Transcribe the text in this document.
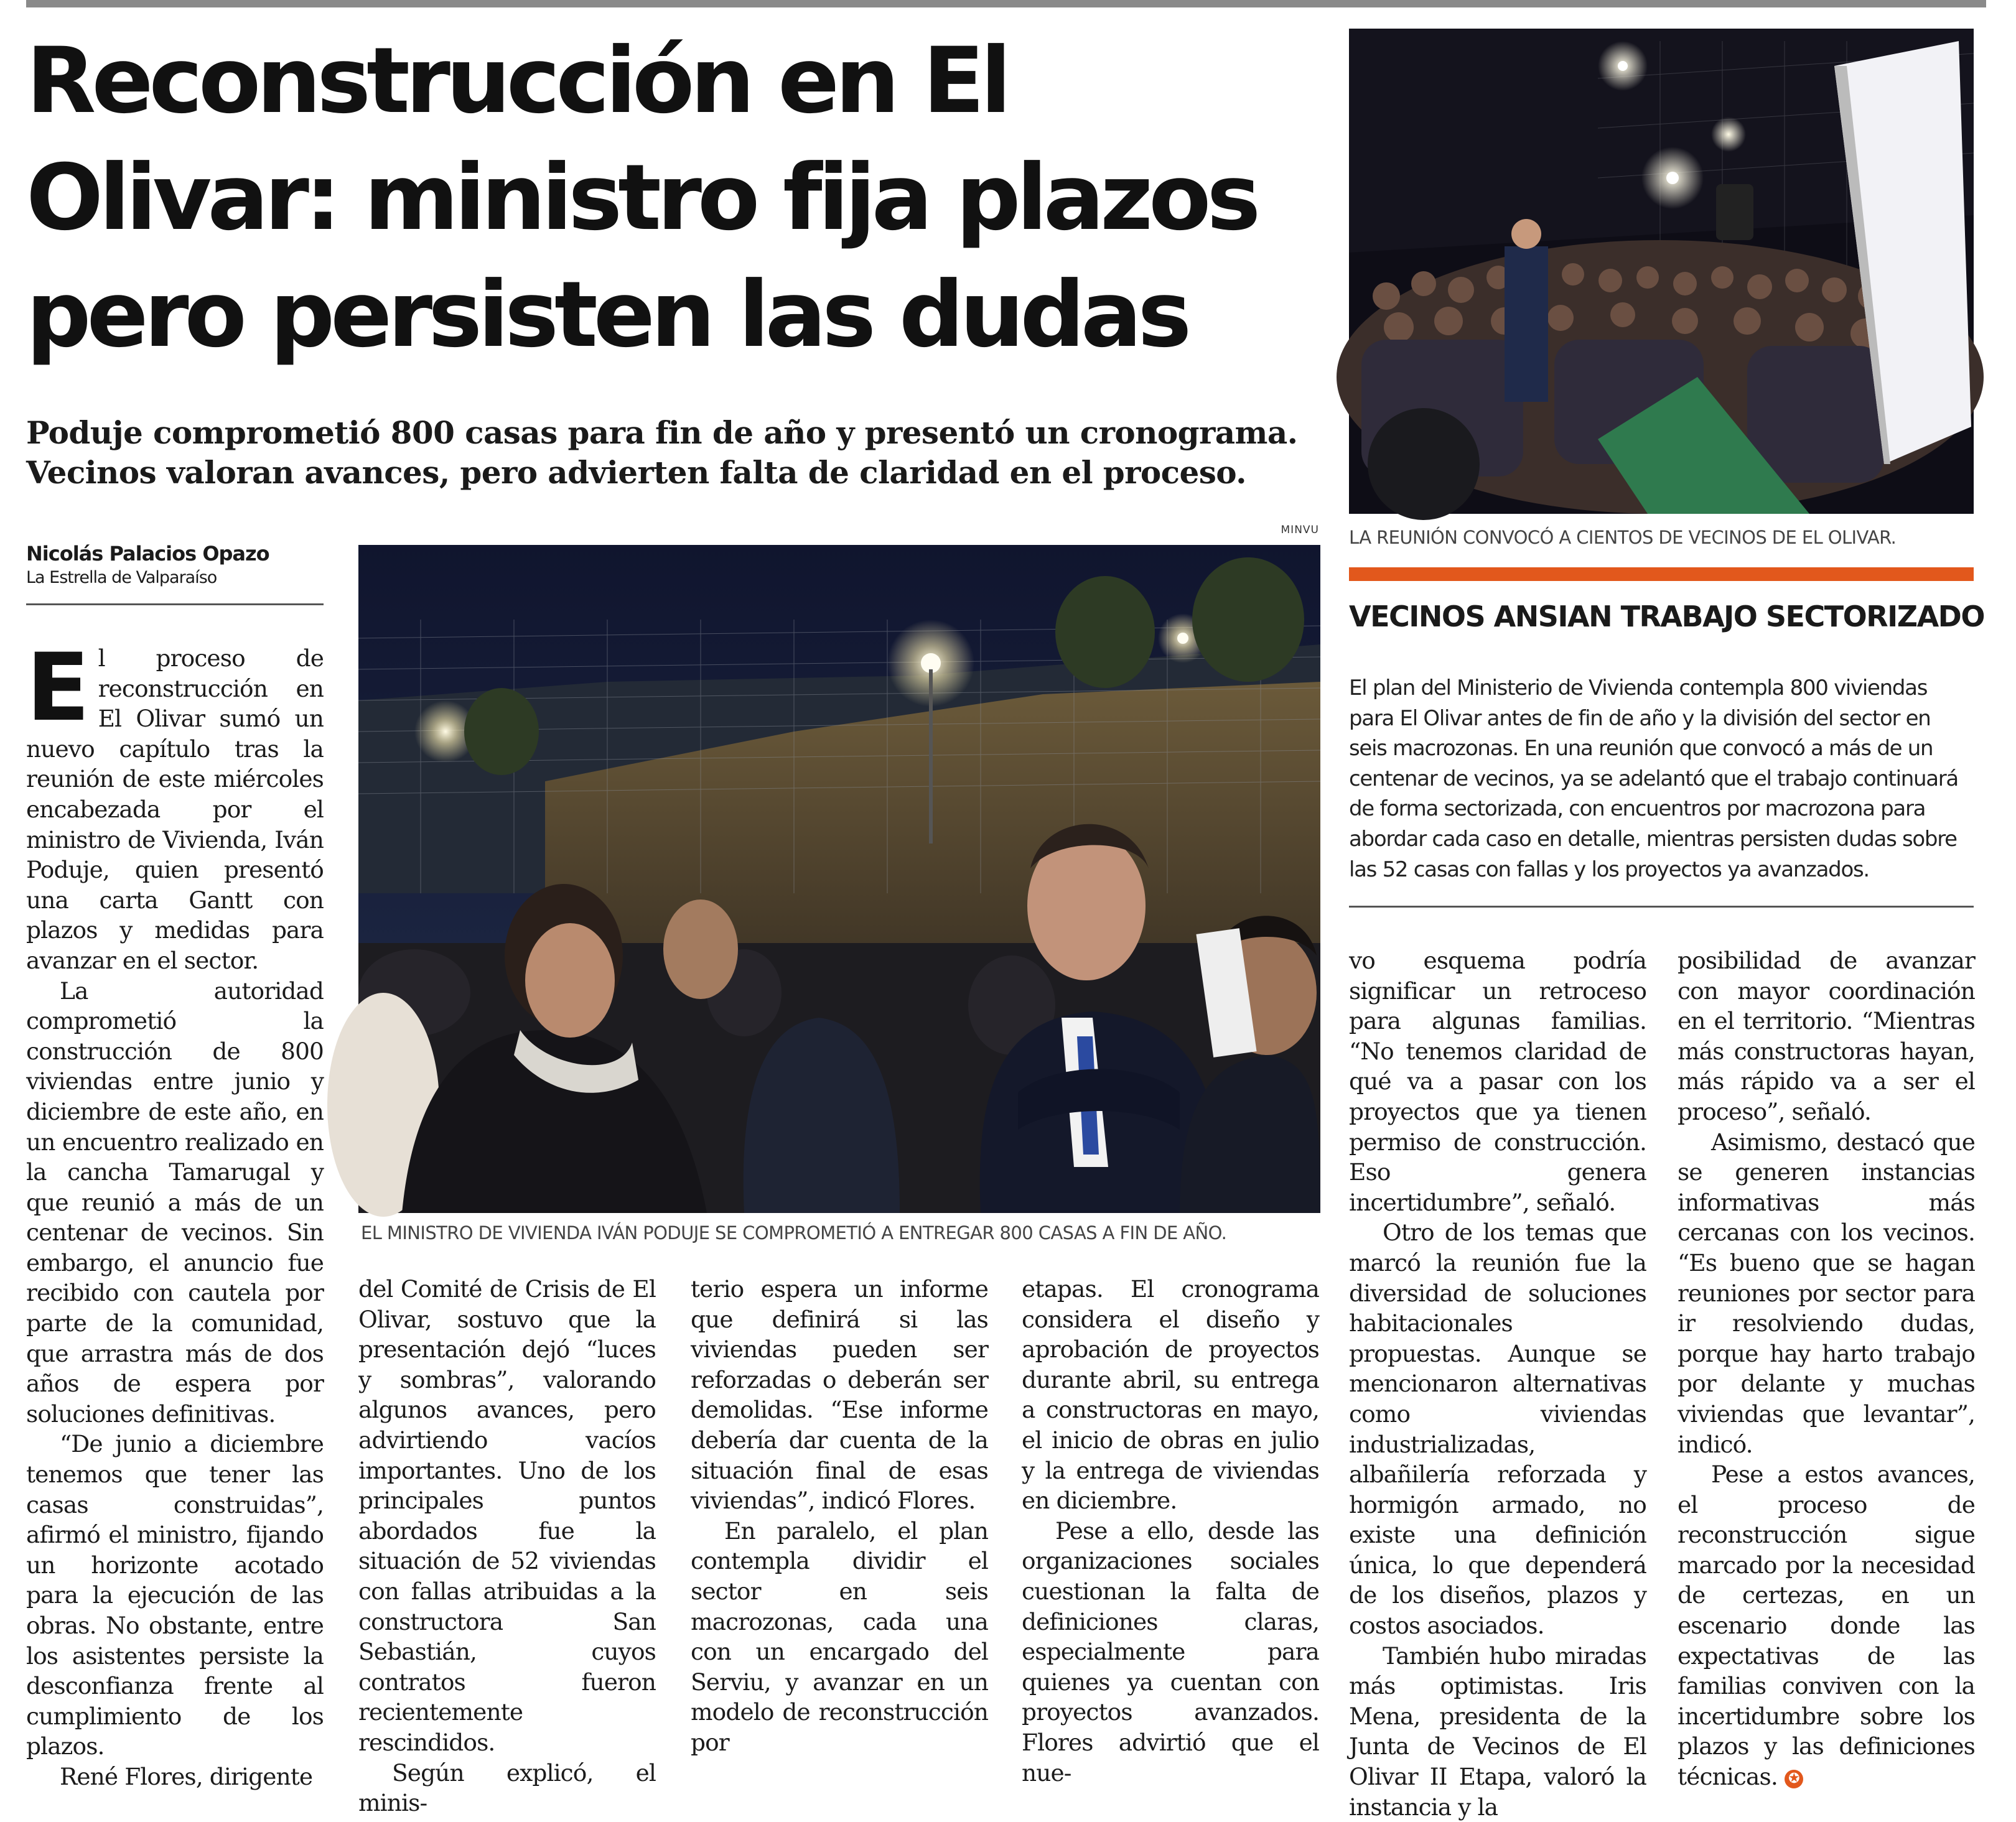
Reconstrucción en El Olivar: ministro fija plazos pero persisten las dudas
Poduje comprometió 800 casas para fin de año y presentó un cronograma. Vecinos valoran avances, pero advierten falta de claridad en el proceso.
Nicolás Palacios Opazo
La Estrella de Valparaíso
MINVU
EL MINISTRO DE VIVIENDA IVÁN PODUJE SE COMPROMETIÓ A ENTREGAR 800 CASAS A FIN DE AÑO.
LA REUNIÓN CONVOCÓ A CIENTOS DE VECINOS DE EL OLIVAR.
VECINOS ANSIAN TRABAJO SECTORIZADO
El plan del Ministerio de Vivienda contempla 800 viviendas para El Olivar antes de fin de año y la división del sector en seis macrozonas. En una reunión que convocó a más de un centenar de vecinos, ya se adelantó que el trabajo continuará de forma sectorizada, con encuentros por macrozona para abordar cada caso en detalle, mientras persisten dudas sobre las 52 casas con fallas y los proyectos ya avanzados.

El proceso de reconstrucción en El Olivar sumó un nuevo capítulo tras la reunión de este miércoles encabezada por el ministro de Vivienda, Iván Poduje, quien presentó una carta Gantt con plazos y medidas para avanzar en el sector.

La autoridad comprometió la construcción de 800 viviendas entre junio y diciembre de este año, en un encuentro realizado en la cancha Tamarugal y que reunió a más de un centenar de vecinos. Sin embargo, el anuncio fue recibido con cautela por parte de la comunidad, que arrastra más de dos años de espera por soluciones definitivas.

“De junio a diciembre tenemos que tener las casas construidas”, afirmó el ministro, fijando un horizonte acotado para la ejecución de las obras. No obstante, entre los asistentes persiste la desconfianza frente al cumplimiento de los plazos.

René Flores, dirigente

del Comité de Crisis de El Olivar, sostuvo que la presentación dejó “luces y sombras”, valorando algunos avances, pero advirtiendo vacíos importantes. Uno de los principales puntos abordados fue la situación de 52 viviendas con fallas atribuidas a la constructora San Sebastián, cuyos contratos fueron recientemente rescindidos.

Según explicó, el minis-

terio espera un informe que definirá si las viviendas pueden ser reforzadas o deberán ser demolidas. “Ese informe debería dar cuenta de la situación final de esas viviendas”, indicó Flores.

En paralelo, el plan contempla dividir el sector en seis macrozonas, cada una con un encargado del Serviu, y avanzar en un modelo de reconstrucción por

etapas. El cronograma considera el diseño y aprobación de proyectos durante abril, su entrega a constructoras en mayo, el inicio de obras en julio y la entrega de viviendas en diciembre.

Pese a ello, desde las organizaciones sociales cuestionan la falta de definiciones claras, especialmente para quienes ya cuentan con proyectos avanzados. Flores advirtió que el nue-

vo esquema podría significar un retroceso para algunas familias. “No tenemos claridad de qué va a pasar con los proyectos que ya tienen permiso de construcción. Eso genera incertidumbre”, señaló.

Otro de los temas que marcó la reunión fue la diversidad de soluciones habitacionales propuestas. Aunque se mencionaron alternativas como viviendas industrializadas, albañilería reforzada y hormigón armado, no existe una definición única, lo que dependerá de los diseños, plazos y costos asociados.

También hubo miradas más optimistas. Iris Mena, presidenta de la Junta de Vecinos de El Olivar II Etapa, valoró la instancia y la

posibilidad de avanzar con mayor coordinación en el territorio. “Mientras más constructoras hayan, más rápido va a ser el proceso”, señaló.

Asimismo, destacó que se generen instancias informativas más cercanas con los vecinos. “Es bueno que se hagan reuniones por sector para ir resolviendo dudas, porque hay harto trabajo por delante y muchas viviendas que levantar”, indicó.

Pese a estos avances, el proceso de reconstrucción sigue marcado por la necesidad de certezas, en un escenario donde las expectativas de las familias conviven con la incertidumbre sobre los plazos y las definiciones técnicas. ✪
